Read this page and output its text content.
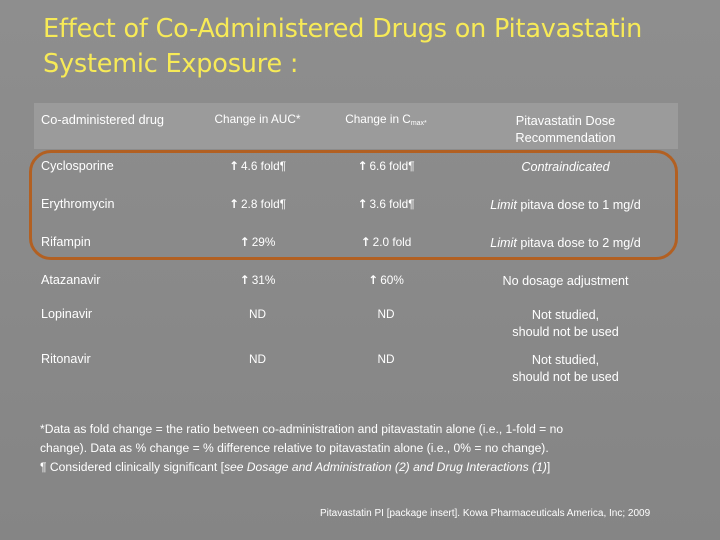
Effect of Co-Administered Drugs on Pitavastatin
Systemic Exposure :
Co-administered drug	Change in AUC*	Change in $C_{max*}$	Pitavastatin Dose
Recommendation
Cyclosporine	↑ 4.6 fold¶	↑ 6.6 fold¶	Contraindicated
Erythromycin	↑ 2.8 fold¶	↑ 3.6 fold¶	Limit pitava dose to 1 mg/d
Rifampin	↑ 29%	↑ 2.0 fold	Limit pitava dose to 2 mg/d
Atazanavir	↑ 31%	↑ 60%	No dosage adjustment
Lopinavir	ND	ND	Not studied,
should not be used
Ritonavir	ND	ND	Not studied,
should not be used
*Data as fold change = the ratio between co-administration and pitavastatin alone (i.e., 1-fold = no
change). Data as % change = % difference relative to pitavastatin alone (i.e., 0% = no change).
¶ Considered clinically significant [see Dosage and Administration (2) and Drug Interactions (1)]
Pitavastatin PI [package insert]. Kowa Pharmaceuticals America, Inc; 2009
